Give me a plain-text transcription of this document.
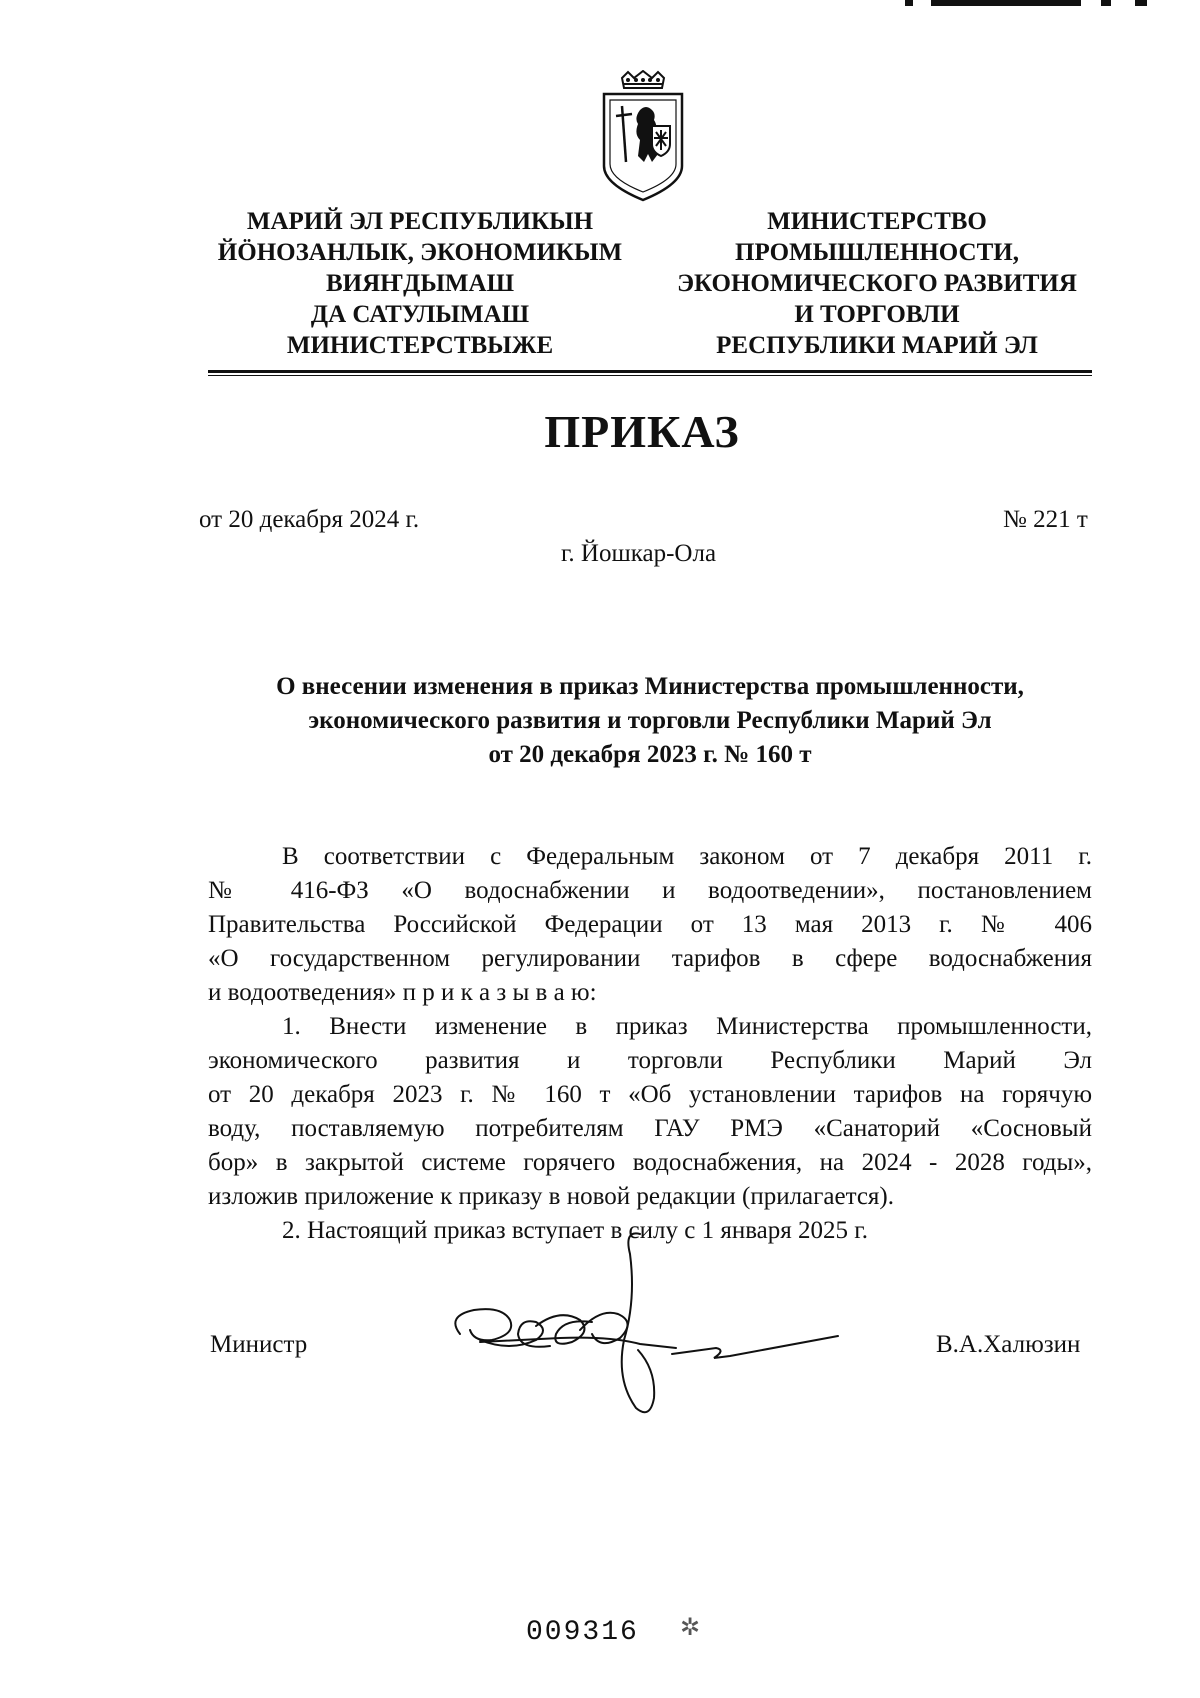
МАРИЙ ЭЛ РЕСПУБЛИКЫН
ЙÖНОЗАНЛЫК, ЭКОНОМИКЫМ
ВИЯҤДЫМАШ
ДА САТУЛЫМАШ
МИНИСТЕРСТВЫЖЕ
МИНИСТЕРСТВО
ПРОМЫШЛЕННОСТИ,
ЭКОНОМИЧЕСКОГО РАЗВИТИЯ
И ТОРГОВЛИ
РЕСПУБЛИКИ МАРИЙ ЭЛ
ПРИКАЗ
от 20 декабря 2024 г.	№ 221 т
г. Йошкар-Ола
О внесении изменения в приказ Министерства промышленности,
экономического развития и торговли Республики Марий Эл
от 20 декабря 2023 г. № 160 т
В соответствии с Федеральным законом от 7 декабря 2011 г.
№ 416-ФЗ «О водоснабжении и водоотведении», постановлением
Правительства Российской Федерации от 13 мая 2013 г. № 406
«О государственном регулировании тарифов в сфере водоснабжения
и водоотведения» п р и к а з ы в а ю:
1. Внести изменение в приказ Министерства промышленности,
экономического развития и торговли Республики Марий Эл
от 20 декабря 2023 г. № 160 т «Об установлении тарифов на горячую
воду, поставляемую потребителям ГАУ РМЭ «Санаторий «Сосновый
бор» в закрытой системе горячего водоснабжения, на 2024 - 2028 годы»,
изложив приложение к приказу в новой редакции (прилагается).
2. Настоящий приказ вступает в силу с 1 января 2025 г.
Министр	В.А.Халюзин
009316 ✲
